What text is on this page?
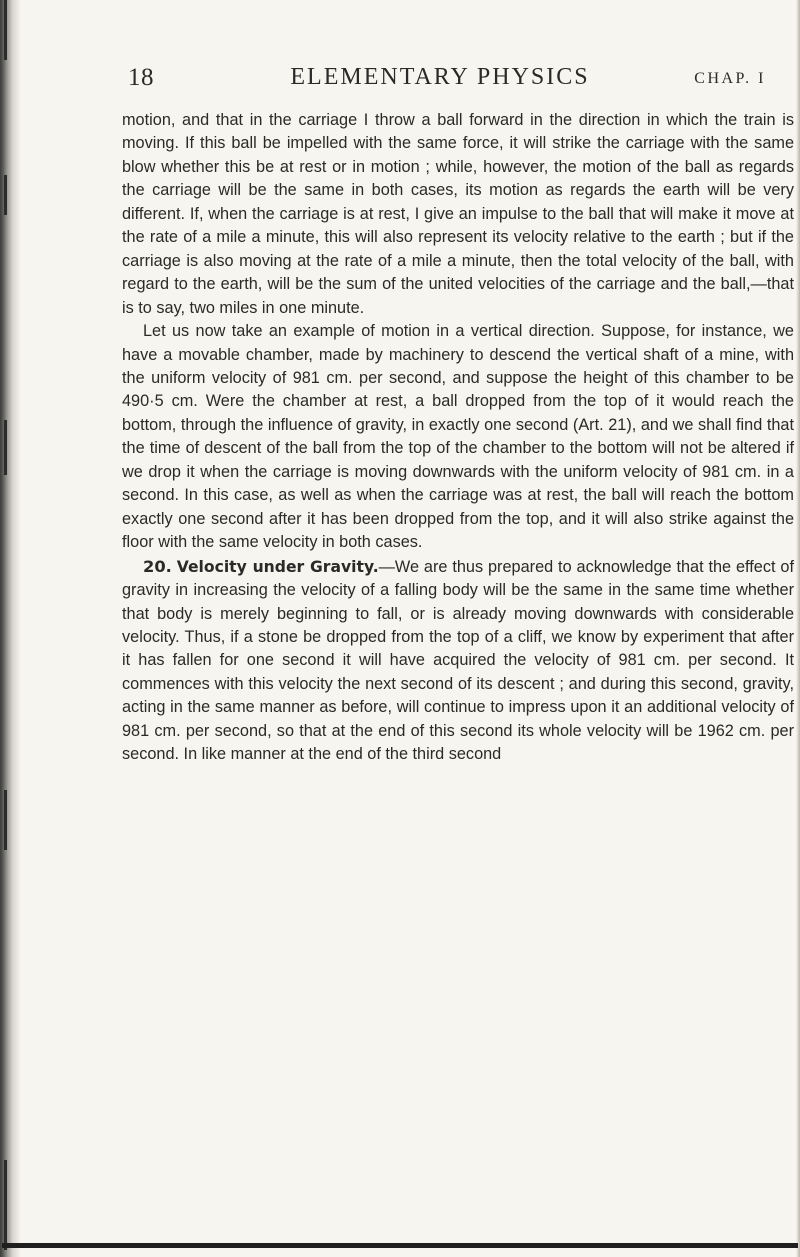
18	ELEMENTARY PHYSICS	CHAP. I

motion, and that in the carriage I throw a ball forward in the direction in which the train is moving. If this ball be impelled with the same force, it will strike the carriage with the same blow whether this be at rest or in motion ; while, however, the motion of the ball as regards the carriage will be the same in both cases, its motion as regards the earth will be very different. If, when the carriage is at rest, I give an impulse to the ball that will make it move at the rate of a mile a minute, this will also represent its velocity relative to the earth ; but if the carriage is also moving at the rate of a mile a minute, then the total velocity of the ball, with regard to the earth, will be the sum of the united velocities of the carriage and the ball,—that is to say, two miles in one minute.

Let us now take an example of motion in a vertical direction. Suppose, for instance, we have a movable chamber, made by machinery to descend the vertical shaft of a mine, with the uniform velocity of 981 cm. per second, and suppose the height of this chamber to be 490·5 cm. Were the chamber at rest, a ball dropped from the top of it would reach the bottom, through the influence of gravity, in exactly one second (Art. 21), and we shall find that the time of descent of the ball from the top of the chamber to the bottom will not be altered if we drop it when the carriage is moving downwards with the uniform velocity of 981 cm. in a second. In this case, as well as when the carriage was at rest, the ball will reach the bottom exactly one second after it has been dropped from the top, and it will also strike against the floor with the same velocity in both cases.

20. Velocity under Gravity.—We are thus prepared to acknowledge that the effect of gravity in increasing the velocity of a falling body will be the same in the same time whether that body is merely beginning to fall, or is already moving downwards with considerable velocity. Thus, if a stone be dropped from the top of a cliff, we know by experiment that after it has fallen for one second it will have acquired the velocity of 981 cm. per second. It commences with this velocity the next second of its descent ; and during this second, gravity, acting in the same manner as before, will continue to impress upon it an additional velocity of 981 cm. per second, so that at the end of this second its whole velocity will be 1962 cm. per second. In like manner at the end of the third second
